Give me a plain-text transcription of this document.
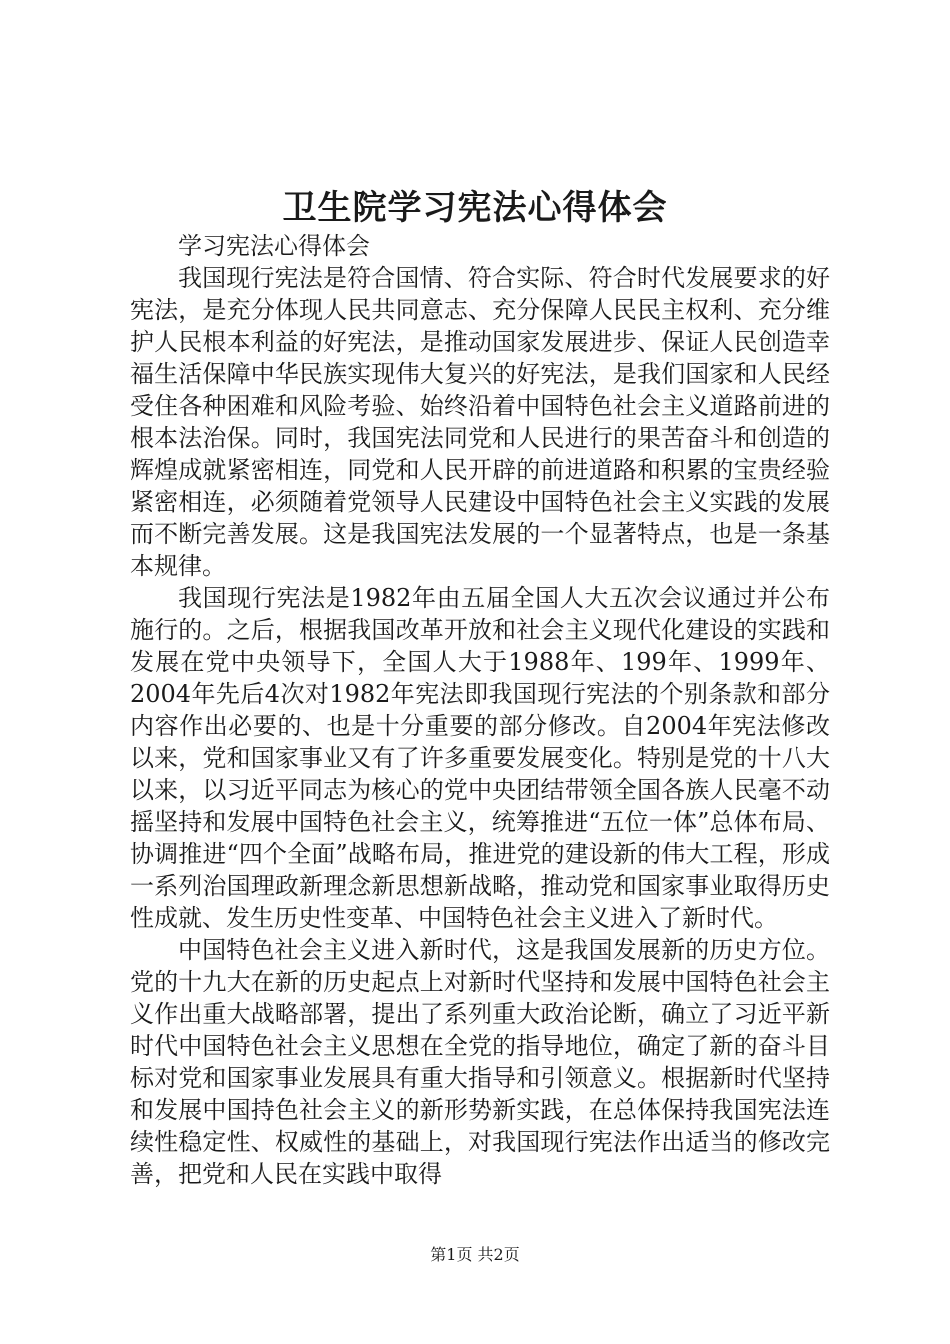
卫生院学习宪法心得体会

学习宪法心得体会

我国现行宪法是符合国情、符合实际、符合时代发展要求的好宪法，是充分体现人民共同意志、充分保障人民民主权利、充分维护人民根本利益的好宪法，是推动国家发展进步、保证人民创造幸福生活保障中华民族实现伟大复兴的好宪法，是我们国家和人民经受住各种困难和风险考验、始终沿着中国特色社会主义道路前进的根本法治保。同时，我国宪法同党和人民进行的果苦奋斗和创造的辉煌成就紧密相连，同党和人民开辟的前进道路和积累的宝贵经验紧密相连，必须随着党领导人民建设中国特色社会主义实践的发展而不断完善发展。这是我国宪法发展的一个显著特点，也是一条基本规律。

我国现行宪法是1982年由五届全国人大五次会议通过并公布施行的。之后，根据我国改革开放和社会主义现代化建设的实践和发展在党中央领导下，全国人大于1988年、199年、1999年、2004年先后4次对1982年宪法即我国现行宪法的个别条款和部分内容作出必要的、也是十分重要的部分修改。自2004年宪法修改以来，党和国家事业又有了许多重要发展变化。特别是党的十八大以来，以习近平同志为核心的党中央团结带领全国各族人民毫不动摇坚持和发展中国特色社会主义，统筹推进“五位一体”总体布局、协调推进“四个全面”战略布局，推进党的建设新的伟大工程，形成一系列治国理政新理念新思想新战略，推动党和国家事业取得历史性成就、发生历史性变革、中国特色社会主义进入了新时代。

中国特色社会主义进入新时代，这是我国发展新的历史方位。党的十九大在新的历史起点上对新时代坚持和发展中国特色社会主义作出重大战略部署，提出了系列重大政治论断，确立了习近平新时代中国特色社会主义思想在全党的指导地位，确定了新的奋斗目标对党和国家事业发展具有重大指导和引领意义。根据新时代坚持和发展中国持色社会主义的新形势新实践，在总体保持我国宪法连续性稳定性、权威性的基础上，对我国现行宪法作出适当的修改完善，把党和人民在实践中取得

第1页 共2页
